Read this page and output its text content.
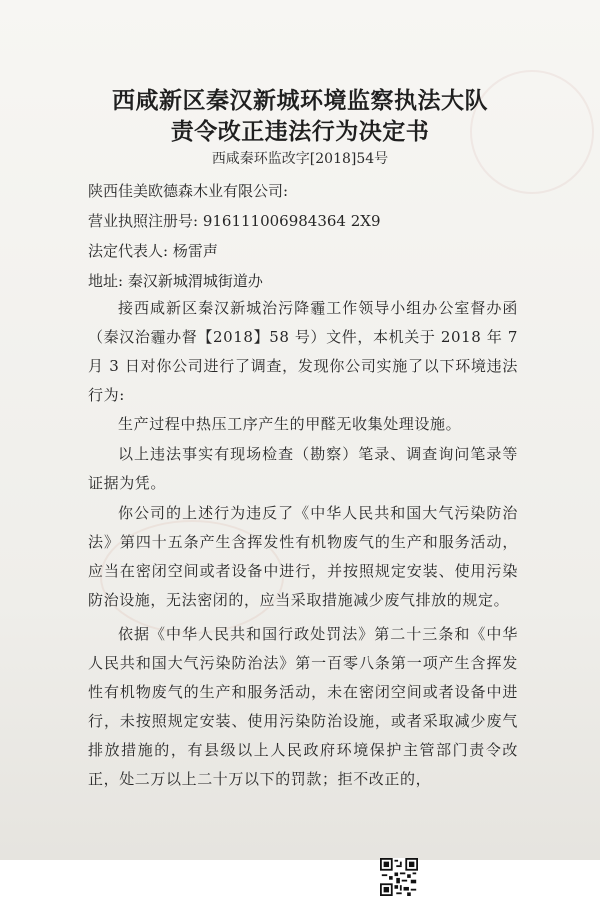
西咸新区秦汉新城环境监察执法大队
责令改正违法行为决定书
西咸秦环监改字[2018]54号
陕西佳美欧德森木业有限公司:
营业执照注册号: 916111006984364 2X9
法定代表人: 杨雷声
地址: 秦汉新城渭城街道办
接西咸新区秦汉新城治污降霾工作领导小组办公室督办函（秦汉治霾办督【2018】58 号）文件，本机关于 2018 年 7 月 3 日对你公司进行了调查，发现你公司实施了以下环境违法行为:
生产过程中热压工序产生的甲醛无收集处理设施。
以上违法事实有现场检查（勘察）笔录、调查询问笔录等证据为凭。
你公司的上述行为违反了《中华人民共和国大气污染防治法》第四十五条产生含挥发性有机物废气的生产和服务活动，应当在密闭空间或者设备中进行，并按照规定安装、使用污染防治设施，无法密闭的，应当采取措施减少废气排放的规定。
依据《中华人民共和国行政处罚法》第二十三条和《中华人民共和国大气污染防治法》第一百零八条第一项产生含挥发性有机物废气的生产和服务活动，未在密闭空间或者设备中进行，未按照规定安装、使用污染防治设施，或者采取减少废气排放措施的，有县级以上人民政府环境保护主管部门责令改正，处二万以上二十万以下的罚款；拒不改正的，
